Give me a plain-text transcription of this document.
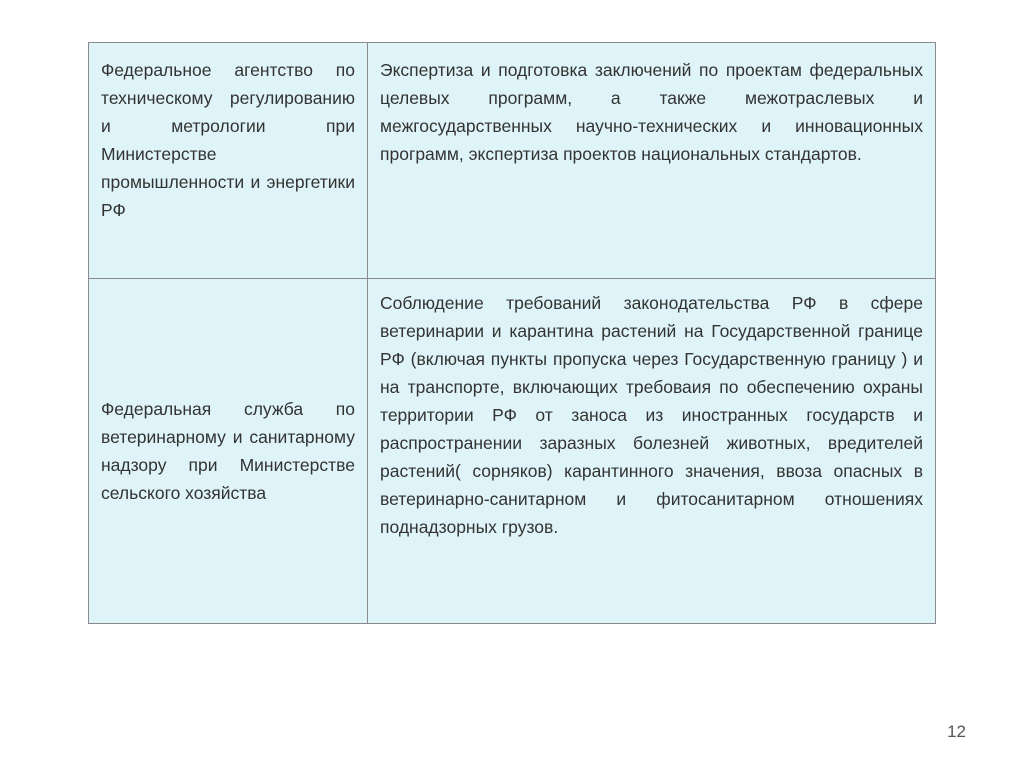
Федеральное агентство по техническому регулированию и метрологии при Министерстве промышленности и энергетики РФ	Экспертиза и подготовка заключений по проектам федеральных целевых программ, а также межотраслевых и межгосударственных научно-технических и инновационных программ, экспертиза проектов национальных стандартов.
Федеральная служба по ветеринарному и санитарному надзору при Министерстве сельского хозяйства	Соблюдение требований законодательства РФ в сфере ветеринарии и карантина растений на Государственной границе РФ (включая пункты пропуска через Государственную границу ) и на транспорте, включающих требоваия по обеспечению охраны территории РФ от заноса из иностранных государств и распространении заразных болезней животных, вредителей растений( сорняков) карантинного значения, ввоза опасных в ветеринарно-санитарном и фитосанитарном отношениях поднадзорных грузов.
12
